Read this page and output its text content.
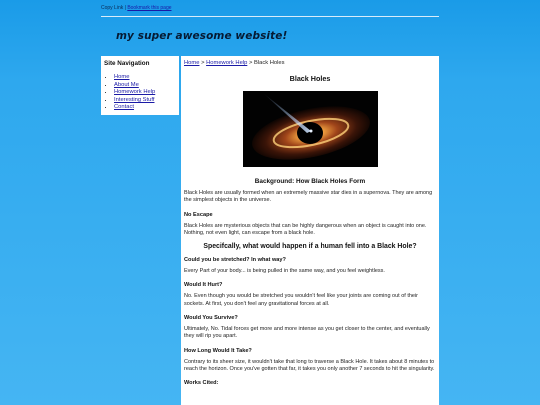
Copy Link | Bookmark this page
my super awesome website!
Site Navigation
• Home
• About Me
• Homework Help
• Interesting Stuff
• Contact
Home > Homework Help > Black Holes
Black Holes
Background: How Black Holes Form

Black Holes are usually formed when an extremely massive star dies in a supernova. They are among the simplest objects in the universe.

No Escape

Black Holes are mysterious objects that can be highly dangerous when an object is caught into one. Nothing, not even light, can escape from a black hole.

Specifcally, what would happen if a human fell into a Black Hole?
Could you be stretched? In what way?

Every Part of your body... is being pulled in the same way, and you feel weightless.

Would It Hurt?

No. Even though you would be stretched you wouldn't feel like your joints are coming out of their sockets. At first, you don't feel any gravitational forces at all.

Would You Survive?

Ultimately, No. Tidal forces get more and more intense as you get closer to the center, and eventually they will rip you apart.

How Long Would It Take?

Contrary to its sheer size, it wouldn't take that long to traverse a Black Hole. It takes about 8 minutes to reach the horizon. Once you've gotten that far, it takes you only another 7 seconds to hit the singularity.

Works Cited:
